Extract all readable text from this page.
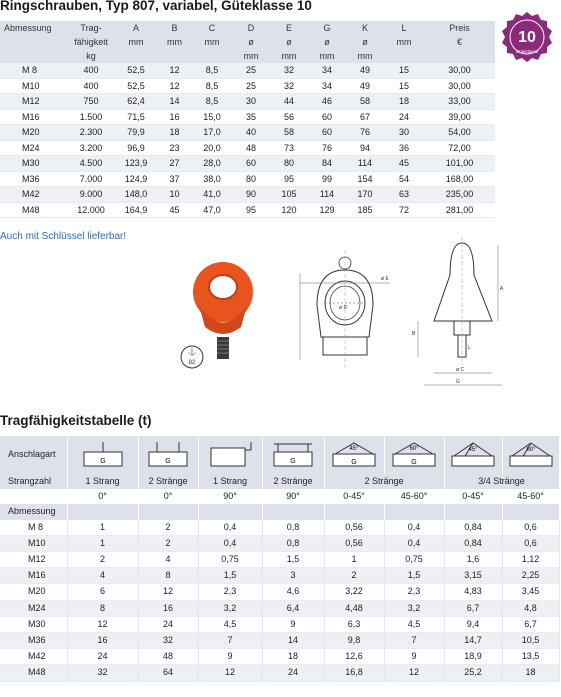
Ringschrauben, Typ 807, variabel, Güteklasse 10
10
Güteklasse
Abmessung	Trag-	A	B	C	D	E	G	K	L	Preis
	fähigkeit	mm	mm	mm	ø	ø	ø	ø	mm	€
	kg				mm	mm	mm	mm		
M 8	400	52,5	12	8,5	25	32	34	49	15	30,00
M10	400	52,5	12	8,5	25	32	34	49	15	30,00
M12	750	62,4	14	8,5	30	44	46	58	18	33,00
M16	1.500	71,5	16	15,0	35	56	60	67	24	39,00
M20	2.300	79,9	18	17,0	40	58	60	76	30	54,00
M24	3.200	96,9	23	20,0	48	73	76	94	36	72,00
M30	4.500	123,9	27	28,0	60	80	84	114	45	101,00
M36	7.000	124,9	37	38,0	80	95	99	154	54	168,00
M42	9.000	148,0	10	41,0	90	105	114	170	63	235,00
M48	12.000	164,9	45	47,0	95	120	129	185	72	281,00
Auch mit Schlüssel lieferbar!
⚓
82
ø D
ø E
A
B
L
ø C
G
Tragfähigkeitstabelle (t)
Anschlagart	G	G		G	45°
G	60°
G	45°	60°

Strangzahl	1 Strang	2 Stränge	1 Strang	2 Stränge	2 Stränge		3/4 Stränge	
	0°	0°	90°	90°	0-45°	45-60°	0-45°	45-60°
Abmessung								
M 8	1	2	0,4	0,8	0,56	0,4	0,84	0,6
M10	1	2	0,4	0,8	0,56	0,4	0,84	0,6
M12	2	4	0,75	1,5	1	0,75	1,6	1,12
M16	4	8	1,5	3	2	1,5	3,15	2,25
M20	6	12	2,3	4,6	3,22	2,3	4,83	3,45
M24	8	16	3,2	6,4	4,48	3,2	6,7	4,8
M30	12	24	4,5	9	6,3	4,5	9,4	6,7
M36	16	32	7	14	9,8	7	14,7	10,5
M42	24	48	9	18	12,6	9	18,9	13,5
M48	32	64	12	24	16,8	12	25,2	18
